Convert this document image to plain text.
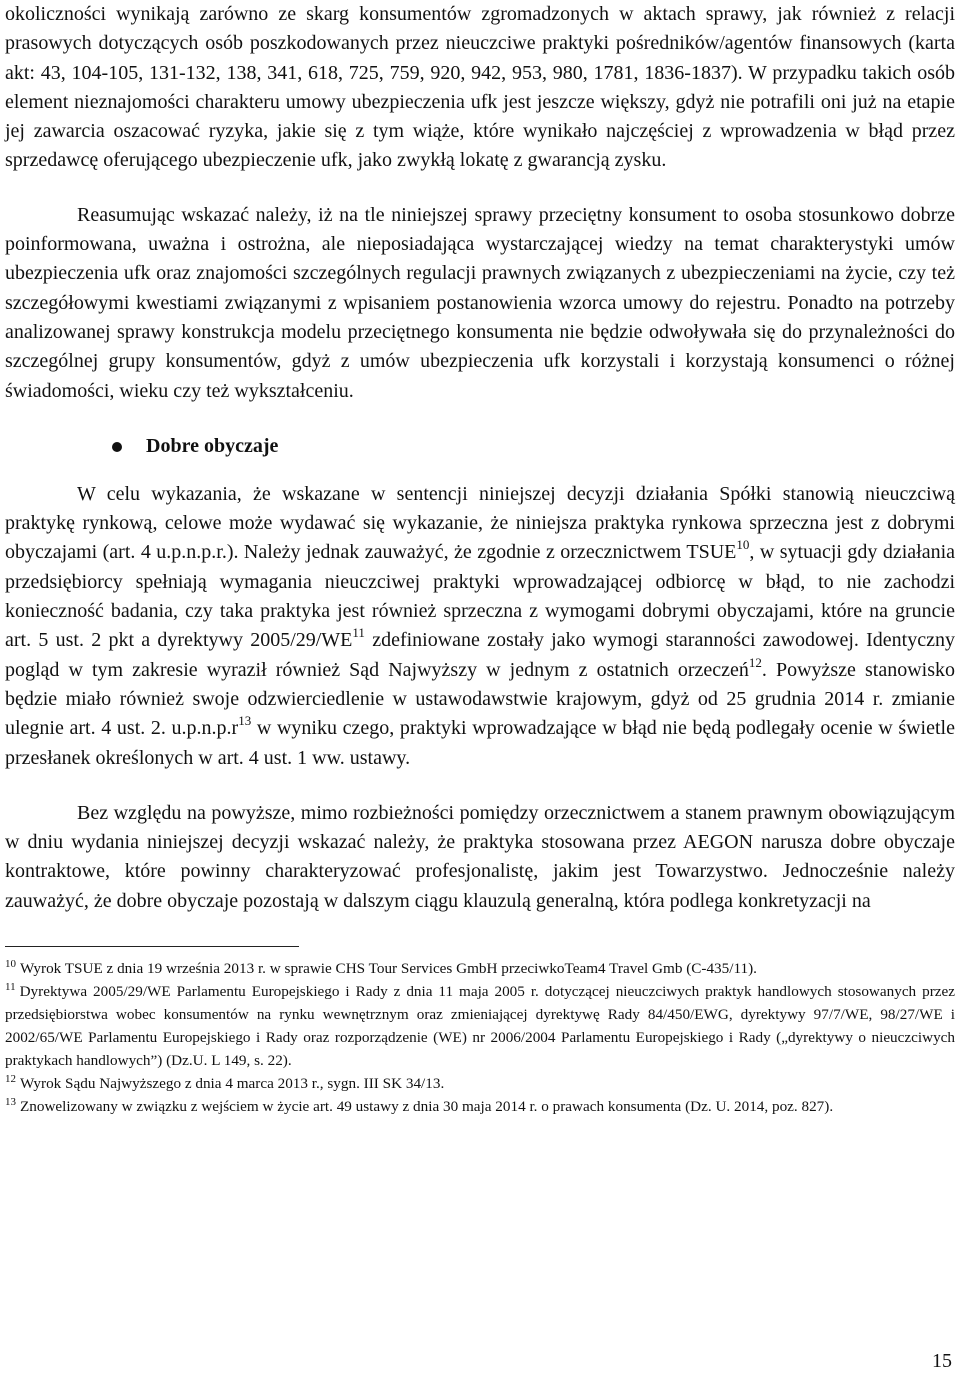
okoliczności wynikają zarówno ze skarg konsumentów zgromadzonych w aktach sprawy, jak również z relacji prasowych dotyczących osób poszkodowanych przez nieuczciwe praktyki pośredników/agentów finansowych (karta akt: 43, 104-105, 131-132, 138, 341, 618, 725, 759, 920, 942, 953, 980, 1781, 1836-1837). W przypadku takich osób element nieznajomości charakteru umowy ubezpieczenia ufk jest jeszcze większy, gdyż nie potrafili oni już na etapie jej zawarcia oszacować ryzyka, jakie się z tym wiąże, które wynikało najczęściej z wprowadzenia w błąd przez sprzedawcę oferującego ubezpieczenie ufk, jako zwykłą lokatę z gwarancją zysku.

Reasumując wskazać należy, iż na tle niniejszej sprawy przeciętny konsument to osoba stosunkowo dobrze poinformowana, uważna i ostrożna, ale nieposiadająca wystarczającej wiedzy na temat charakterystyki umów ubezpieczenia ufk oraz znajomości szczególnych regulacji prawnych związanych z ubezpieczeniami na życie, czy też szczegółowymi kwestiami związanymi z wpisaniem postanowienia wzorca umowy do rejestru. Ponadto na potrzeby analizowanej sprawy konstrukcja modelu przeciętnego konsumenta nie będzie odwoływała się do przynależności do szczególnej grupy konsumentów, gdyż z umów ubezpieczenia ufk korzystali i korzystają konsumenci o różnej świadomości, wieku czy też wykształceniu.

Dobre obyczaje

W celu wykazania, że wskazane w sentencji niniejszej decyzji działania Spółki stanowią nieuczciwą praktykę rynkową, celowe może wydawać się wykazanie, że niniejsza praktyka rynkowa sprzeczna jest z dobrymi obyczajami (art. 4 u.p.n.p.r.). Należy jednak zauważyć, że zgodnie z orzecznictwem TSUE$^{10}$, w sytuacji gdy działania przedsiębiorcy spełniają wymagania nieuczciwej praktyki wprowadzającej odbiorcę w błąd, to nie zachodzi konieczność badania, czy taka praktyka jest również sprzeczna z wymogami dobrymi obyczajami, które na gruncie art. 5 ust. 2 pkt a dyrektywy 2005/29/WE$^{11}$ zdefiniowane zostały jako wymogi staranności zawodowej. Identyczny pogląd w tym zakresie wyraził również Sąd Najwyższy w jednym z ostatnich orzeczeń$^{12}$. Powyższe stanowisko będzie miało również swoje odzwierciedlenie w ustawodawstwie krajowym, gdyż od 25 grudnia 2014 r. zmianie ulegnie art. 4 ust. 2. $u.p.n.p.r^{13}$ w wyniku czego, praktyki wprowadzające w błąd nie będą podlegały ocenie w świetle przesłanek określonych w art. 4 ust. 1 ww. ustawy.

Bez względu na powyższe, mimo rozbieżności pomiędzy orzecznictwem a stanem prawnym obowiązującym w dniu wydania niniejszej decyzji wskazać należy, że praktyka stosowana przez AEGON narusza dobre obyczaje kontraktowe, które powinny charakteryzować profesjonalistę, jakim jest Towarzystwo. Jednocześnie należy zauważyć, że dobre obyczaje pozostają w dalszym ciągu klauzulą generalną, która podlega konkretyzacji na

$^{10}$ Wyrok TSUE z dnia 19 września 2013 r. w sprawie CHS Tour Services GmbH przeciwkoTeam4 Travel Gmb (C-435/11).

$^{11}$ Dyrektywa 2005/29/WE Parlamentu Europejskiego i Rady z dnia 11 maja 2005 r. dotyczącej nieuczciwych praktyk handlowych stosowanych przez przedsiębiorstwa wobec konsumentów na rynku wewnętrznym oraz zmieniającej dyrektywę Rady 84/450/EWG, dyrektywy 97/7/WE, 98/27/WE i 2002/65/WE Parlamentu Europejskiego i Rady oraz rozporządzenie (WE) nr 2006/2004 Parlamentu Europejskiego i Rady („dyrektywy o nieuczciwych praktykach handlowych”) (Dz.U. L 149, s. 22).

$^{12}$ Wyrok Sądu Najwyższego z dnia 4 marca 2013 r., sygn. III SK 34/13.

$^{13}$ Znowelizowany w związku z wejściem w życie art. 49 ustawy z dnia 30 maja 2014 r. o prawach konsumenta (Dz. U. 2014, poz. 827).

15
